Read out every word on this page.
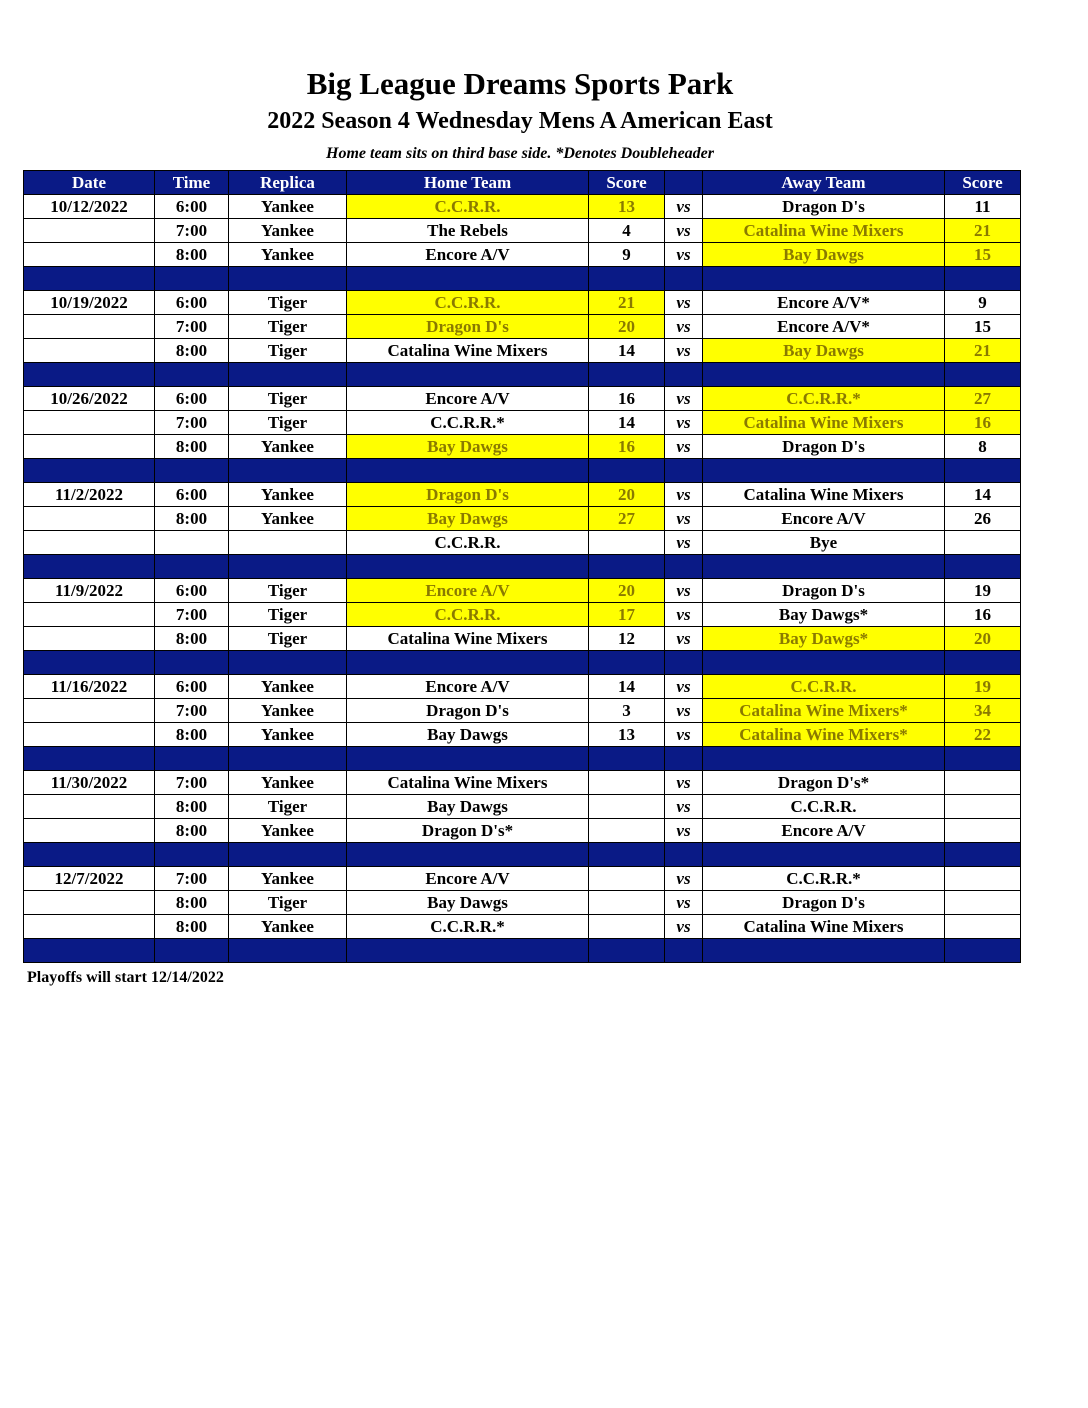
Big League Dreams Sports Park
2022 Season 4 Wednesday Mens A American East
Home team sits on third base side. *Denotes Doubleheader
Date	Time	Replica	Home Team	Score		Away Team	Score
10/12/2022	6:00	Yankee	C.C.R.R.	13	vs	Dragon D's	11
	7:00	Yankee	The Rebels	4	vs	Catalina Wine Mixers	21
	8:00	Yankee	Encore A/V	9	vs	Bay Dawgs	15

10/19/2022	6:00	Tiger	C.C.R.R.	21	vs	Encore A/V*	9
	7:00	Tiger	Dragon D's	20	vs	Encore A/V*	15
	8:00	Tiger	Catalina Wine Mixers	14	vs	Bay Dawgs	21

10/26/2022	6:00	Tiger	Encore A/V	16	vs	C.C.R.R.*	27
	7:00	Tiger	C.C.R.R.*	14	vs	Catalina Wine Mixers	16
	8:00	Yankee	Bay Dawgs	16	vs	Dragon D's	8

11/2/2022	6:00	Yankee	Dragon D's	20	vs	Catalina Wine Mixers	14
	8:00	Yankee	Bay Dawgs	27	vs	Encore A/V	26
			C.C.R.R.		vs	Bye	

11/9/2022	6:00	Tiger	Encore A/V	20	vs	Dragon D's	19
	7:00	Tiger	C.C.R.R.	17	vs	Bay Dawgs*	16
	8:00	Tiger	Catalina Wine Mixers	12	vs	Bay Dawgs*	20

11/16/2022	6:00	Yankee	Encore A/V	14	vs	C.C.R.R.	19
	7:00	Yankee	Dragon D's	3	vs	Catalina Wine Mixers*	34
	8:00	Yankee	Bay Dawgs	13	vs	Catalina Wine Mixers*	22

11/30/2022	7:00	Yankee	Catalina Wine Mixers		vs	Dragon D's*	
	8:00	Tiger	Bay Dawgs		vs	C.C.R.R.	
	8:00	Yankee	Dragon D's*		vs	Encore A/V	

12/7/2022	7:00	Yankee	Encore A/V		vs	C.C.R.R.*	
	8:00	Tiger	Bay Dawgs		vs	Dragon D's	
	8:00	Yankee	C.C.R.R.*		vs	Catalina Wine Mixers	

Playoffs will start 12/14/2022
